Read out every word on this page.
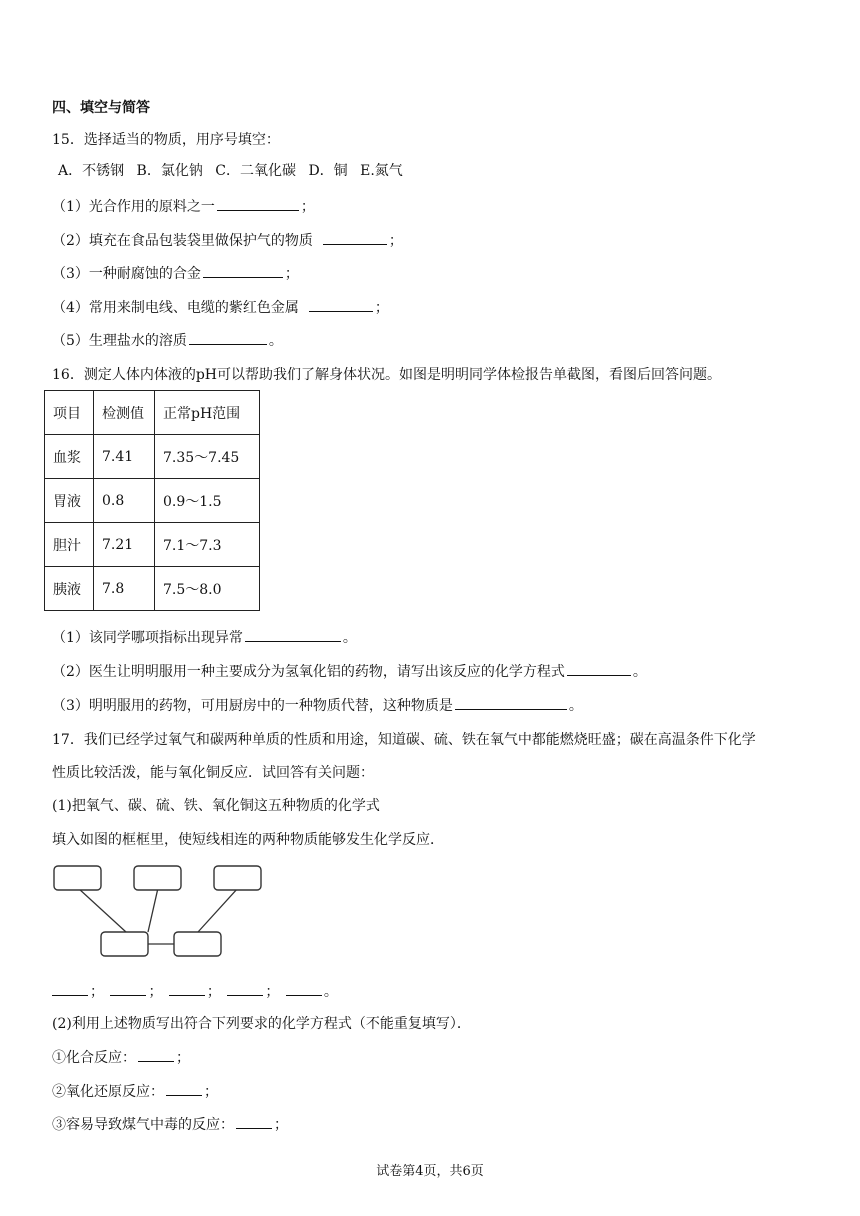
四、填空与简答
15．选择适当的物质，用序号填空：
A．不锈钢 B．氯化钠 C．二氧化碳 D．铜 E.氮气
（1）光合作用的原料之一	；
（2）填充在食品包装袋里做保护气的物质	；
（3）一种耐腐蚀的合金	；
（4）常用来制电线、电缆的紫红色金属	；
（5）生理盐水的溶质	。
16．测定人体内体液的pH可以帮助我们了解身体状况。如图是明明同学体检报告单截图，看图后回答问题。
项目	检测值	正常pH范围
血浆	7.41	7.35～7.45
胃液	0.8	0.9～1.5
胆汁	7.21	7.1～7.3
胰液	7.8	7.5～8.0
（1）该同学哪项指标出现异常	。
（2）医生让明明服用一种主要成分为氢氧化铝的药物，请写出该反应的化学方程式	。
（3）明明服用的药物，可用厨房中的一种物质代替，这种物质是	。
17．我们已经学过氧气和碳两种单质的性质和用途，知道碳、硫、铁在氧气中都能燃烧旺盛；碳在高温条件下化学
性质比较活泼，能与氧化铜反应．试回答有关问题：
(1)把氧气、碳、硫、铁、氧化铜这五种物质的化学式
填入如图的框框里，使短线相连的两种物质能够发生化学反应．
；	；	；	；	。
(2)利用上述物质写出符合下列要求的化学方程式（不能重复填写）．
①化合反应：	；
②氧化还原反应：	；
③容易导致煤气中毒的反应：	；
试卷第4页，共6页
